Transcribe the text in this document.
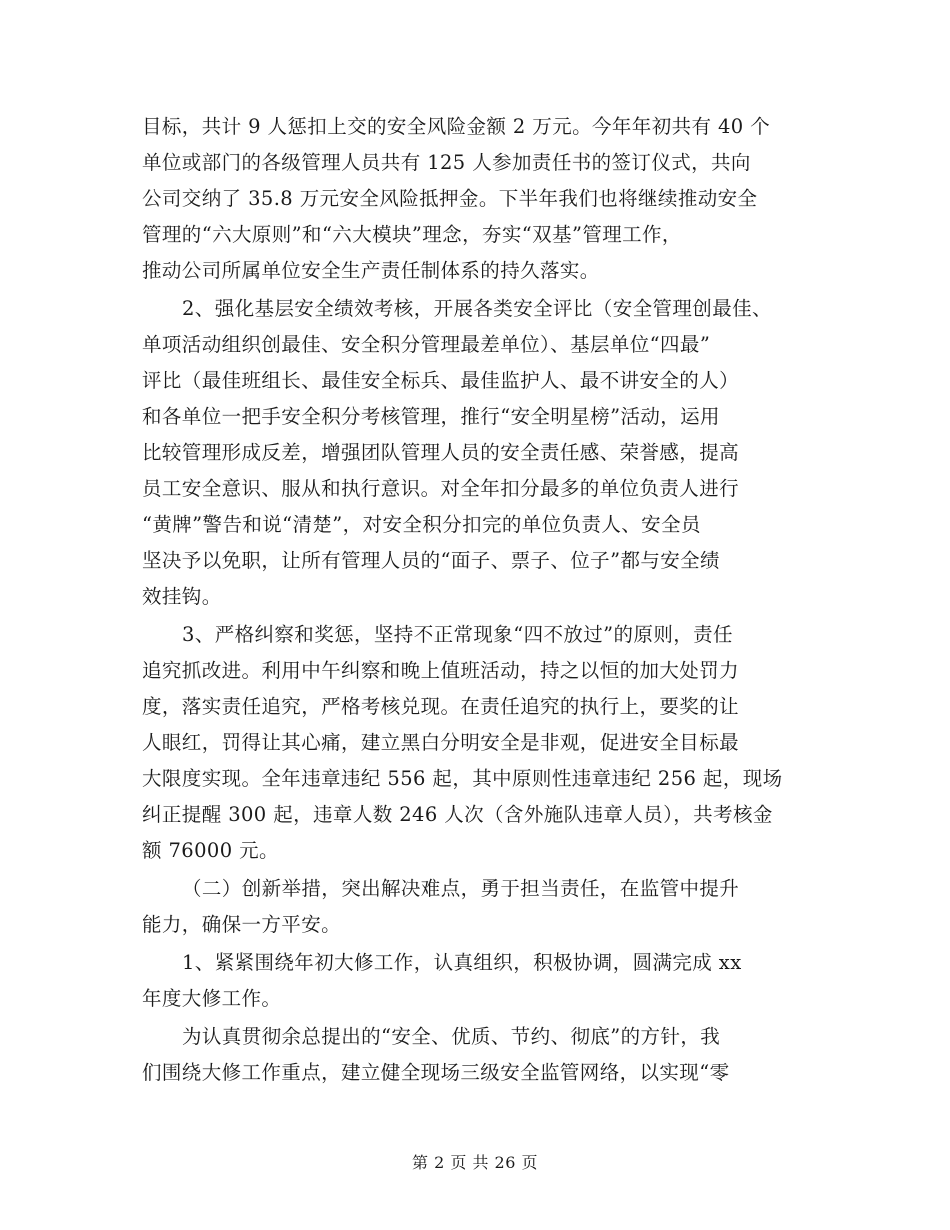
目标，共计 9 人惩扣上交的安全风险金额 2 万元。今年年初共有 40 个
单位或部门的各级管理人员共有 125 人参加责任书的签订仪式，共向
公司交纳了 35.8 万元安全风险抵押金。下半年我们也将继续推动安全
管理的“六大原则”和“六大模块”理念，夯实“双基”管理工作，
推动公司所属单位安全生产责任制体系的持久落实。
2、强化基层安全绩效考核，开展各类安全评比（安全管理创最佳、
单项活动组织创最佳、安全积分管理最差单位）、基层单位“四最”
评比（最佳班组长、最佳安全标兵、最佳监护人、最不讲安全的人）
和各单位一把手安全积分考核管理，推行“安全明星榜”活动，运用
比较管理形成反差，增强团队管理人员的安全责任感、荣誉感，提高
员工安全意识、服从和执行意识。对全年扣分最多的单位负责人进行
“黄牌”警告和说“清楚”，对安全积分扣完的单位负责人、安全员
坚决予以免职，让所有管理人员的“面子、票子、位子”都与安全绩
效挂钩。
3、严格纠察和奖惩，坚持不正常现象“四不放过”的原则，责任
追究抓改进。利用中午纠察和晚上值班活动，持之以恒的加大处罚力
度，落实责任追究，严格考核兑现。在责任追究的执行上，要奖的让
人眼红，罚得让其心痛，建立黑白分明安全是非观，促进安全目标最
大限度实现。全年违章违纪 556 起，其中原则性违章违纪 256 起，现场
纠正提醒 300 起，违章人数 246 人次（含外施队违章人员），共考核金
额 76000 元。
（二）创新举措，突出解决难点，勇于担当责任，在监管中提升
能力，确保一方平安。
1、紧紧围绕年初大修工作，认真组织，积极协调，圆满完成 xx
年度大修工作。
为认真贯彻余总提出的“安全、优质、节约、彻底”的方针，我
们围绕大修工作重点，建立健全现场三级安全监管网络，以实现“零
第 2 页 共 26 页
